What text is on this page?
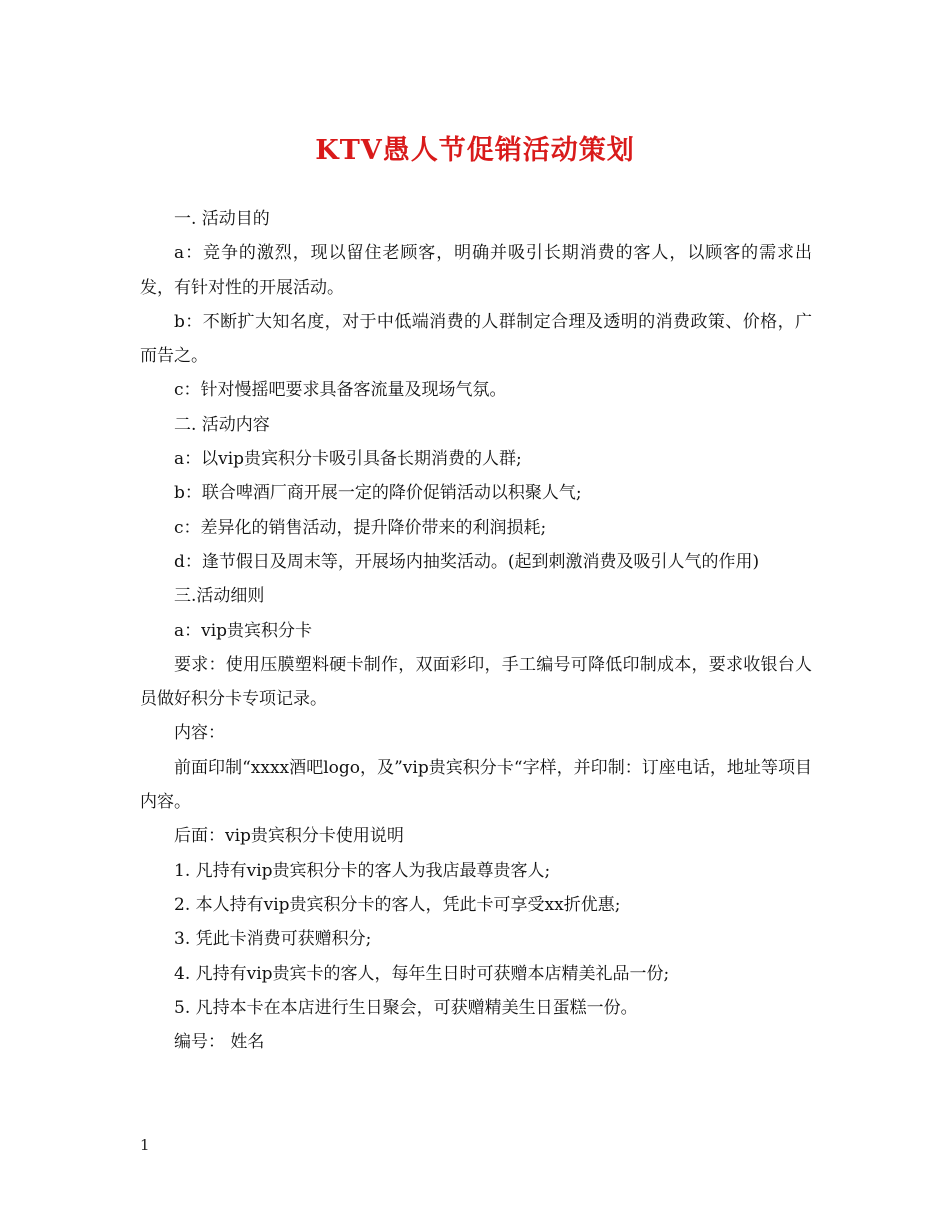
KTV愚人节促销活动策划

一. 活动目的

a：竞争的激烈，现以留住老顾客，明确并吸引长期消费的客人，以顾客的需求出发，有针对性的开展活动。

b：不断扩大知名度，对于中低端消费的人群制定合理及透明的消费政策、价格，广而告之。

c：针对慢摇吧要求具备客流量及现场气氛。

二. 活动内容

a：以vip贵宾积分卡吸引具备长期消费的人群;

b：联合啤酒厂商开展一定的降价促销活动以积聚人气;

c：差异化的销售活动，提升降价带来的利润损耗;

d：逢节假日及周末等，开展场内抽奖活动。(起到刺激消费及吸引人气的作用)

三.活动细则

a：vip贵宾积分卡

要求：使用压膜塑料硬卡制作，双面彩印，手工编号可降低印制成本，要求收银台人员做好积分卡专项记录。

内容：

前面印制“xxxx酒吧logo，及”vip贵宾积分卡“字样，并印制：订座电话，地址等项目内容。

后面：vip贵宾积分卡使用说明

1. 凡持有vip贵宾积分卡的客人为我店最尊贵客人;

2. 本人持有vip贵宾积分卡的客人，凭此卡可享受xx折优惠;

3. 凭此卡消费可获赠积分;

4. 凡持有vip贵宾卡的客人，每年生日时可获赠本店精美礼品一份;

5. 凡持本卡在本店进行生日聚会，可获赠精美生日蛋糕一份。

编号： 姓名

1
